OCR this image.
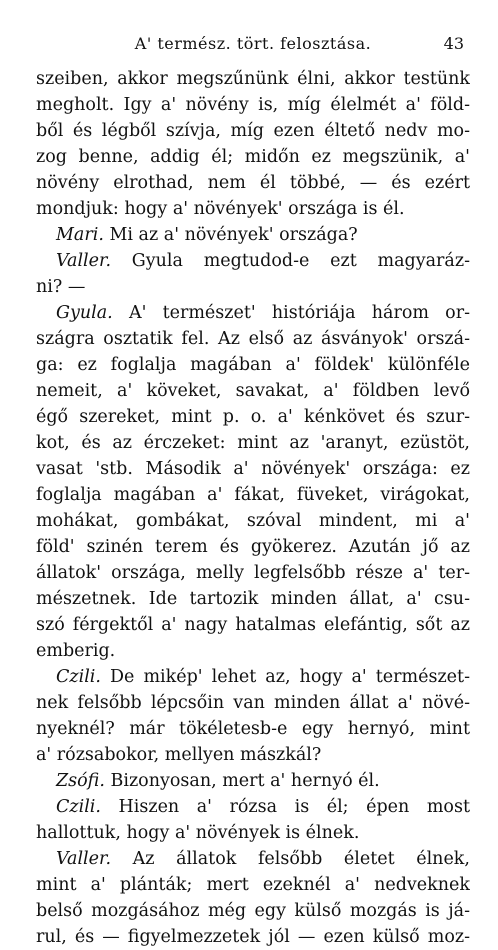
A' termész. tört. felosztása.	43
szeiben, akkor megszűnünk élni, akkor testünk
megholt. Igy a' növény is, míg élelmét a' föld-
ből és légből szívja, míg ezen éltető nedv mo-
zog benne, addig él; midőn ez megszünik, a'
növény elrothad, nem él többé, — és ezért
mondjuk: hogy a' növények' országa is él.
Mari. Mi az a' növények' országa?
Valler. Gyula megtudod-e ezt magyaráz-
ni? —
Gyula. A' természet' históriája három or-
szágra osztatik fel. Az első az ásványok' orszá-
ga: ez foglalja magában a' földek' különféle
nemeit, a' köveket, savakat, a' földben levő
égő szereket, mint p. o. a' kénkövet és szur-
kot, és az érczeket: mint az 'aranyt, ezüstöt,
vasat 'stb. Második a' növények' országa: ez
foglalja magában a' fákat, füveket, virágokat,
mohákat, gombákat, szóval mindent, mi a'
föld' szinén terem és gyökerez. Azután jő az
állatok' országa, melly legfelsőbb része a' ter-
mészetnek. Ide tartozik minden állat, a' csu-
szó férgektől a' nagy hatalmas elefántig, sőt az
emberig.
Czili. De mikép' lehet az, hogy a' természet-
nek felsőbb lépcsőin van minden állat a' növé-
nyeknél? már tökéletesb-e egy hernyó, mint
a' rózsabokor, mellyen mászkál?
Zsófi. Bizonyosan, mert a' hernyó él.
Czili. Hiszen a' rózsa is él; épen most
hallottuk, hogy a' növények is élnek.
Valler. Az állatok felsőbb életet élnek,
mint a' plánták; mert ezeknél a' nedveknek
belső mozgásához még egy külső mozgás is já-
rul, és — figyelmezzetek jól — ezen külső moz-
